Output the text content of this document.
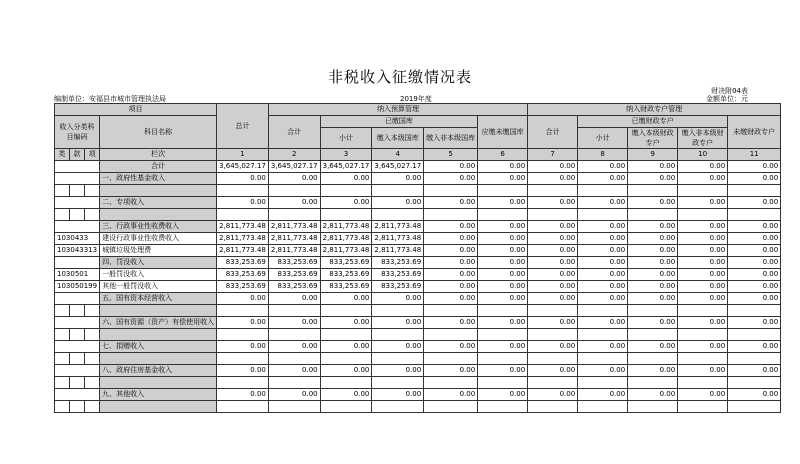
非税收入征缴情况表
财决附04表
编制单位：安福县市城市管理执法局	2019年度	金额单位：元
项目				总计	纳入预算管理					纳入财政专户管理				
收入分类科目编码			科目名称		合计	已缴国库			应缴未缴国库	合计	已缴财政专户			未缴财政专户
						小计	缴入本级国库	缴入非本级国库			小计	缴入本级财政专户	缴入非本级财政专户	

类	款	项	栏次	1	2	3	4	5	6	7	8	9	10	11
			合计	3,645,027.17	3,645,027.17	3,645,027.17	3,645,027.17	0.00	0.00	0.00	0.00	0.00	0.00	0.00
			一、政府性基金收入	0.00	0.00	0.00	0.00	0.00	0.00	0.00	0.00	0.00	0.00	0.00

			二、专项收入	0.00	0.00	0.00	0.00	0.00	0.00	0.00	0.00	0.00	0.00	0.00

			三、行政事业性收费收入	2,811,773.48	2,811,773.48	2,811,773.48	2,811,773.48	0.00	0.00	0.00	0.00	0.00	0.00	0.00
1030433			建设行政事业性收费收入	2,811,773.48	2,811,773.48	2,811,773.48	2,811,773.48	0.00	0.00	0.00	0.00	0.00	0.00	0.00
103043313			城镇垃圾处理费	2,811,773.48	2,811,773.48	2,811,773.48	2,811,773.48	0.00	0.00	0.00	0.00	0.00	0.00	0.00
			四、罚没收入	833,253.69	833,253.69	833,253.69	833,253.69	0.00	0.00	0.00	0.00	0.00	0.00	0.00
1030501			一般罚没收入	833,253.69	833,253.69	833,253.69	833,253.69	0.00	0.00	0.00	0.00	0.00	0.00	0.00
103050199			其他一般罚没收入	833,253.69	833,253.69	833,253.69	833,253.69	0.00	0.00	0.00	0.00	0.00	0.00	0.00
			五、国有资本经营收入	0.00	0.00	0.00	0.00	0.00	0.00	0.00	0.00	0.00	0.00	0.00

			六、国有资源（资产）有偿使用收入	0.00	0.00	0.00	0.00	0.00	0.00	0.00	0.00	0.00	0.00	0.00

			七、捐赠收入	0.00	0.00	0.00	0.00	0.00	0.00	0.00	0.00	0.00	0.00	0.00

			八、政府住房基金收入	0.00	0.00	0.00	0.00	0.00	0.00	0.00	0.00	0.00	0.00	0.00

			九、其他收入	0.00	0.00	0.00	0.00	0.00	0.00	0.00	0.00	0.00	0.00	0.00
